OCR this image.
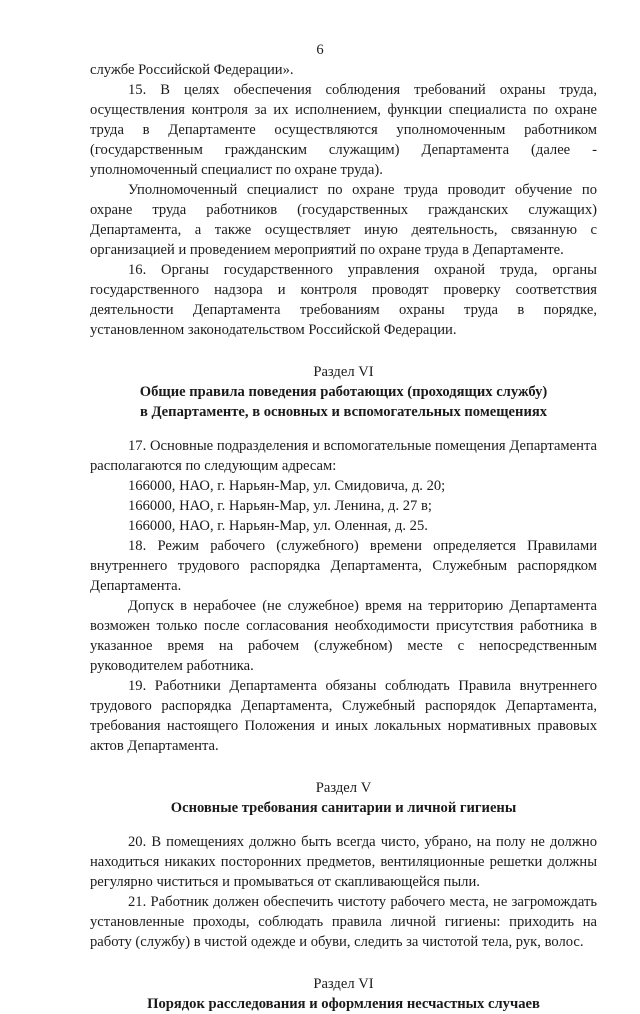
6

службе Российской Федерации».

15. В целях обеспечения соблюдения требований охраны труда, осуществления контроля за их исполнением, функции специалиста по охране труда в Департаменте осуществляются уполномоченным работником (государственным гражданским служащим) Департамента (далее - уполномоченный специалист по охране труда).

Уполномоченный специалист по охране труда проводит обучение по охране труда работников (государственных гражданских служащих) Департамента, а также осуществляет иную деятельность, связанную с организацией и проведением мероприятий по охране труда в Департаменте.

16. Органы государственного управления охраной труда, органы государственного надзора и контроля проводят проверку соответствия деятельности Департамента требованиям охраны труда в порядке, установленном законодательством Российской Федерации.

Раздел VI

Общие правила поведения работающих (проходящих службу)

в Департаменте, в основных и вспомогательных помещениях

17. Основные подразделения и вспомогательные помещения Департамента располагаются по следующим адресам:

166000, НАО, г. Нарьян-Мар, ул. Смидовича, д. 20;

166000, НАО, г. Нарьян-Мар, ул. Ленина, д. 27 в;

166000, НАО, г. Нарьян-Мар, ул. Оленная, д. 25.

18. Режим рабочего (служебного) времени определяется Правилами внутреннего трудового распорядка Департамента, Служебным распорядком Департамента.

Допуск в нерабочее (не служебное) время на территорию Департамента возможен только после согласования необходимости присутствия работника в указанное время на рабочем (служебном) месте с непосредственным руководителем работника.

19. Работники Департамента обязаны соблюдать Правила внутреннего трудового распорядка Департамента, Служебный распорядок Департамента, требования настоящего Положения и иных локальных нормативных правовых актов Департамента.

Раздел V

Основные требования санитарии и личной гигиены

20. В помещениях должно быть всегда чисто, убрано, на полу не должно находиться никаких посторонних предметов, вентиляционные решетки должны регулярно чиститься и промываться от скапливающейся пыли.

21. Работник должен обеспечить чистоту рабочего места, не загромождать установленные проходы, соблюдать правила личной гигиены: приходить на работу (службу) в чистой одежде и обуви, следить за чистотой тела, рук, волос.

Раздел VI

Порядок расследования и оформления несчастных случаев
